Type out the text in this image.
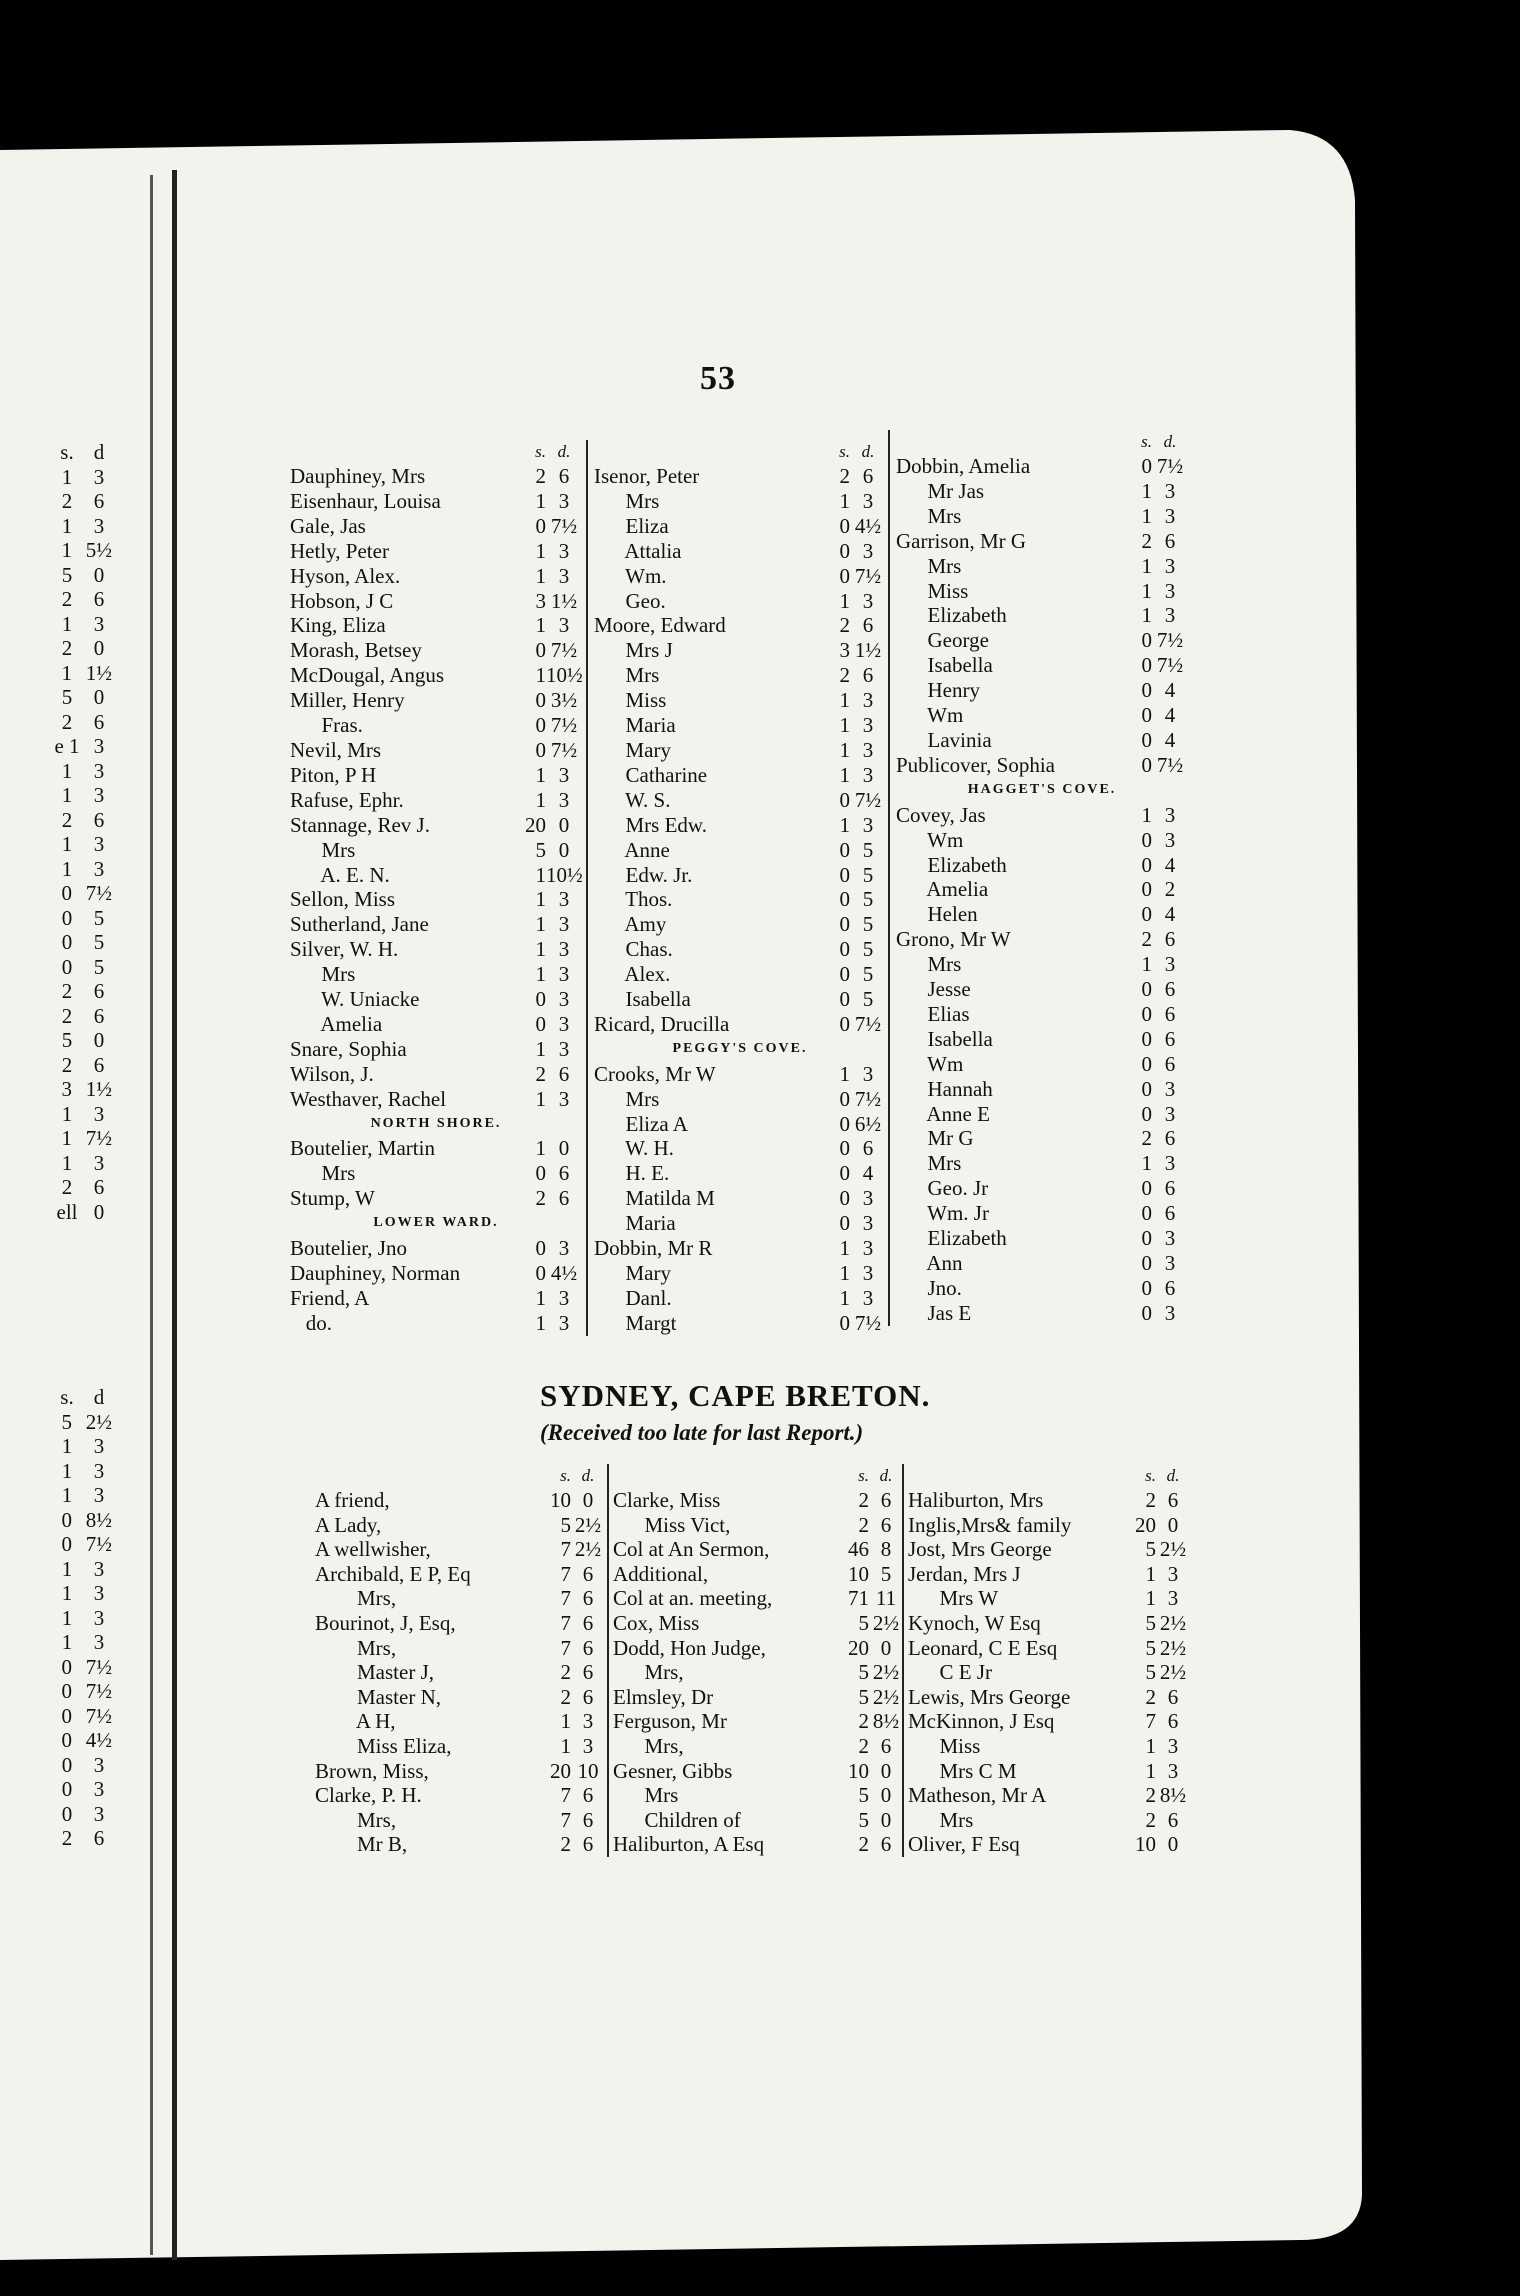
s. d
1	3
2	6
1	3
1 5½
5	0
2	6
1	3
2	0
1 1½
5	0
2	6
e 1 3
1	3
1	3
2	6
1	3
1	3
0 7½
0	5
0	5
0	5
2	6
2	6
5	0
2	6
3 1½
1	3
1 7½
1	3
2	6
ell 0
s. d
5 2½
1	3
1	3
1	3
0 8½
0 7½
1	3
1	3
1	3
1	3
0 7½
0 7½
0 7½
0 4½
0	3
0	3
0	3
2	6
53
s. d.
Dauphiney, Mrs	2 6
Eisenhaur, Louisa	1 3
Gale, Jas	0 7½
Hetly, Peter	1 3
Hyson, Alex.	1 3
Hobson, J C	3 1½
King, Eliza	1 3
Morash, Betsey	0 7½
McDougal, Angus	1 10½
Miller, Henry	0 3½
Fras.	0 7½
Nevil, Mrs	0 7½
Piton, P H	1 3
Rafuse, Ephr.	1 3
Stannage, Rev J.	20 0
Mrs	5 0
A. E. N.	1 10½
Sellon, Miss	1 3
Sutherland, Jane	1 3
Silver, W. H.	1 3
Mrs	1 3
W. Uniacke	0 3
Amelia	0 3
Snare, Sophia	1 3
Wilson, J.	2 6
Westhaver, Rachel	1 3
NORTH SHORE.
Boutelier, Martin	1 0
Mrs	0 6
Stump, W	2 6
LOWER WARD.
Boutelier, Jno	0 3
Dauphiney, Norman	0 4½
Friend, A	1 3
do.	1 3
s. d.
Isenor, Peter	2 6
Mrs	1 3
Eliza	0 4½
Attalia	0 3
Wm.	0 7½
Geo.	1 3
Moore, Edward	2 6
Mrs J	3 1½
Mrs	2 6
Miss	1 3
Maria	1 3
Mary	1 3
Catharine	1 3
W. S.	0 7½
Mrs Edw.	1 3
Anne	0 5
Edw. Jr.	0 5
Thos.	0 5
Amy	0 5
Chas.	0 5
Alex.	0 5
Isabella	0 5
Ricard, Drucilla	0 7½
PEGGY'S COVE.
Crooks, Mr W	1 3
Mrs	0 7½
Eliza A	0 6½
W. H.	0 6
H. E.	0 4
Matilda M	0 3
Maria	0 3
Dobbin, Mr R	1 3
Mary	1 3
Danl.	1 3
Margt	0 7½
s. d.
Dobbin, Amelia	0 7½
Mr Jas	1 3
Mrs	1 3
Garrison, Mr G	2 6
Mrs	1 3
Miss	1 3
Elizabeth	1 3
George	0 7½
Isabella	0 7½
Henry	0 4
Wm	0 4
Lavinia	0 4
Publicover, Sophia	0 7½
HAGGET'S COVE.
Covey, Jas	1 3
Wm	0 3
Elizabeth	0 4
Amelia	0 2
Helen	0 4
Grono, Mr W	2 6
Mrs	1 3
Jesse	0 6
Elias	0 6
Isabella	0 6
Wm	0 6
Hannah	0 3
Anne E	0 3
Mr G	2 6
Mrs	1 3
Geo. Jr	0 6
Wm. Jr	0 6
Elizabeth	0 3
Ann	0 3
Jno.	0 6
Jas E	0 3
SYDNEY, CAPE BRETON.
(Received too late for last Report.)
s. d.
A friend,	10 0
A Lady,	5 2½
A wellwisher,	7 2½
Archibald, E P, Eq	7 6
Mrs,	7 6
Bourinot, J, Esq,	7 6
Mrs,	7 6
Master J,	2 6
Master N,	2 6
A H,	1 3
Miss Eliza,	1 3
Brown, Miss,	20 10
Clarke, P. H.	7 6
Mrs,	7 6
Mr B,	2 6
s. d.
Clarke, Miss	2 6
Miss Vict,	2 6
Col at An Sermon,	46 8
Additional,	10 5
Col at an. meeting,	71 11
Cox, Miss	5 2½
Dodd, Hon Judge,	20 0
Mrs,	5 2½
Elmsley, Dr	5 2½
Ferguson, Mr	2 8½
Mrs,	2 6
Gesner, Gibbs	10 0
Mrs	5 0
Children of	5 0
Haliburton, A Esq	2 6
s. d.
Haliburton, Mrs	2 6
Inglis,Mrs& family	20 0
Jost, Mrs George	5 2½
Jerdan, Mrs J	1 3
Mrs W	1 3
Kynoch, W Esq	5 2½
Leonard, C E Esq	5 2½
C E Jr	5 2½
Lewis, Mrs George	2 6
McKinnon, J Esq	7 6
Miss	1 3
Mrs C M	1 3
Matheson, Mr A	2 8½
Mrs	2 6
Oliver, F Esq	10 0
